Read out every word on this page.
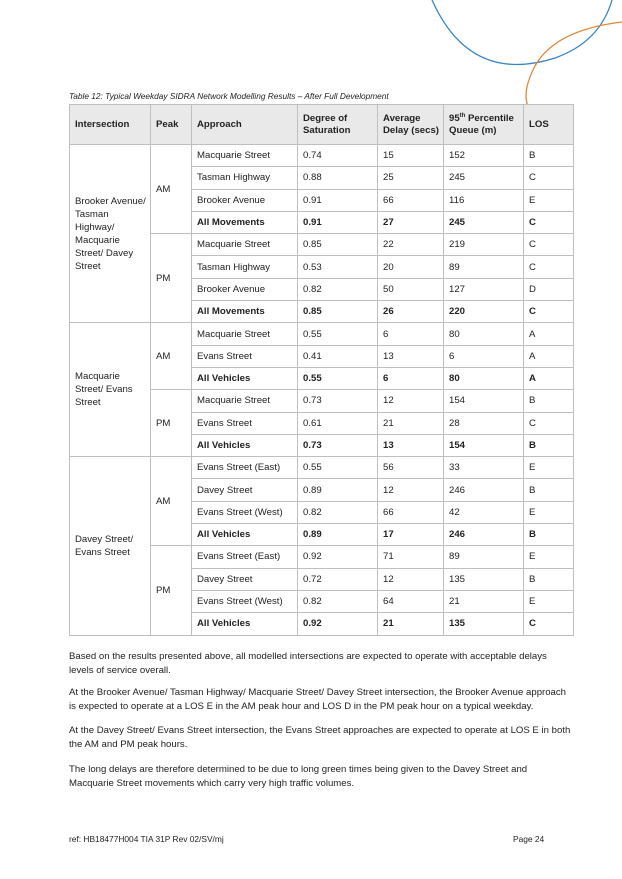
Table 12: Typical Weekday SIDRA Network Modelling Results – After Full Development
Intersection	Peak	Approach	Degree of Saturation	Average Delay (secs)	95th Percentile Queue (m)	LOS
Brooker Avenue/ Tasman Highway/ Macquarie Street/ Davey Street	AM	Macquarie Street	0.74	15	152	B
		Tasman Highway	0.88	25	245	C
		Brooker Avenue	0.91	66	116	E
		All Movements	0.91	27	245	C
	PM	Macquarie Street	0.85	22	219	C
		Tasman Highway	0.53	20	89	C
		Brooker Avenue	0.82	50	127	D
		All Movements	0.85	26	220	C
Macquarie Street/ Evans Street	AM	Macquarie Street	0.55	6	80	A
		Evans Street	0.41	13	6	A
		All Vehicles	0.55	6	80	A
	PM	Macquarie Street	0.73	12	154	B
		Evans Street	0.61	21	28	C
		All Vehicles	0.73	13	154	B
Davey Street/ Evans Street	AM	Evans Street (East)	0.55	56	33	E
		Davey Street	0.89	12	246	B
		Evans Street (West)	0.82	66	42	E
		All Vehicles	0.89	17	246	B
	PM	Evans Street (East)	0.92	71	89	E
		Davey Street	0.72	12	135	B
		Evans Street (West)	0.82	64	21	E
		All Vehicles	0.92	21	135	C

Based on the results presented above, all modelled intersections are expected to operate with acceptable delays levels of service overall.

At the Brooker Avenue/ Tasman Highway/ Macquarie Street/ Davey Street intersection, the Brooker Avenue approach is expected to operate at a LOS E in the AM peak hour and LOS D in the PM peak hour on a typical weekday.

At the Davey Street/ Evans Street intersection, the Evans Street approaches are expected to operate at LOS E in both the AM and PM peak hours.

The long delays are therefore determined to be due to long green times being given to the Davey Street and Macquarie Street movements which carry very high traffic volumes.

ref: HB18477H004 TIA 31P Rev 02/SV/mj	Page 24
